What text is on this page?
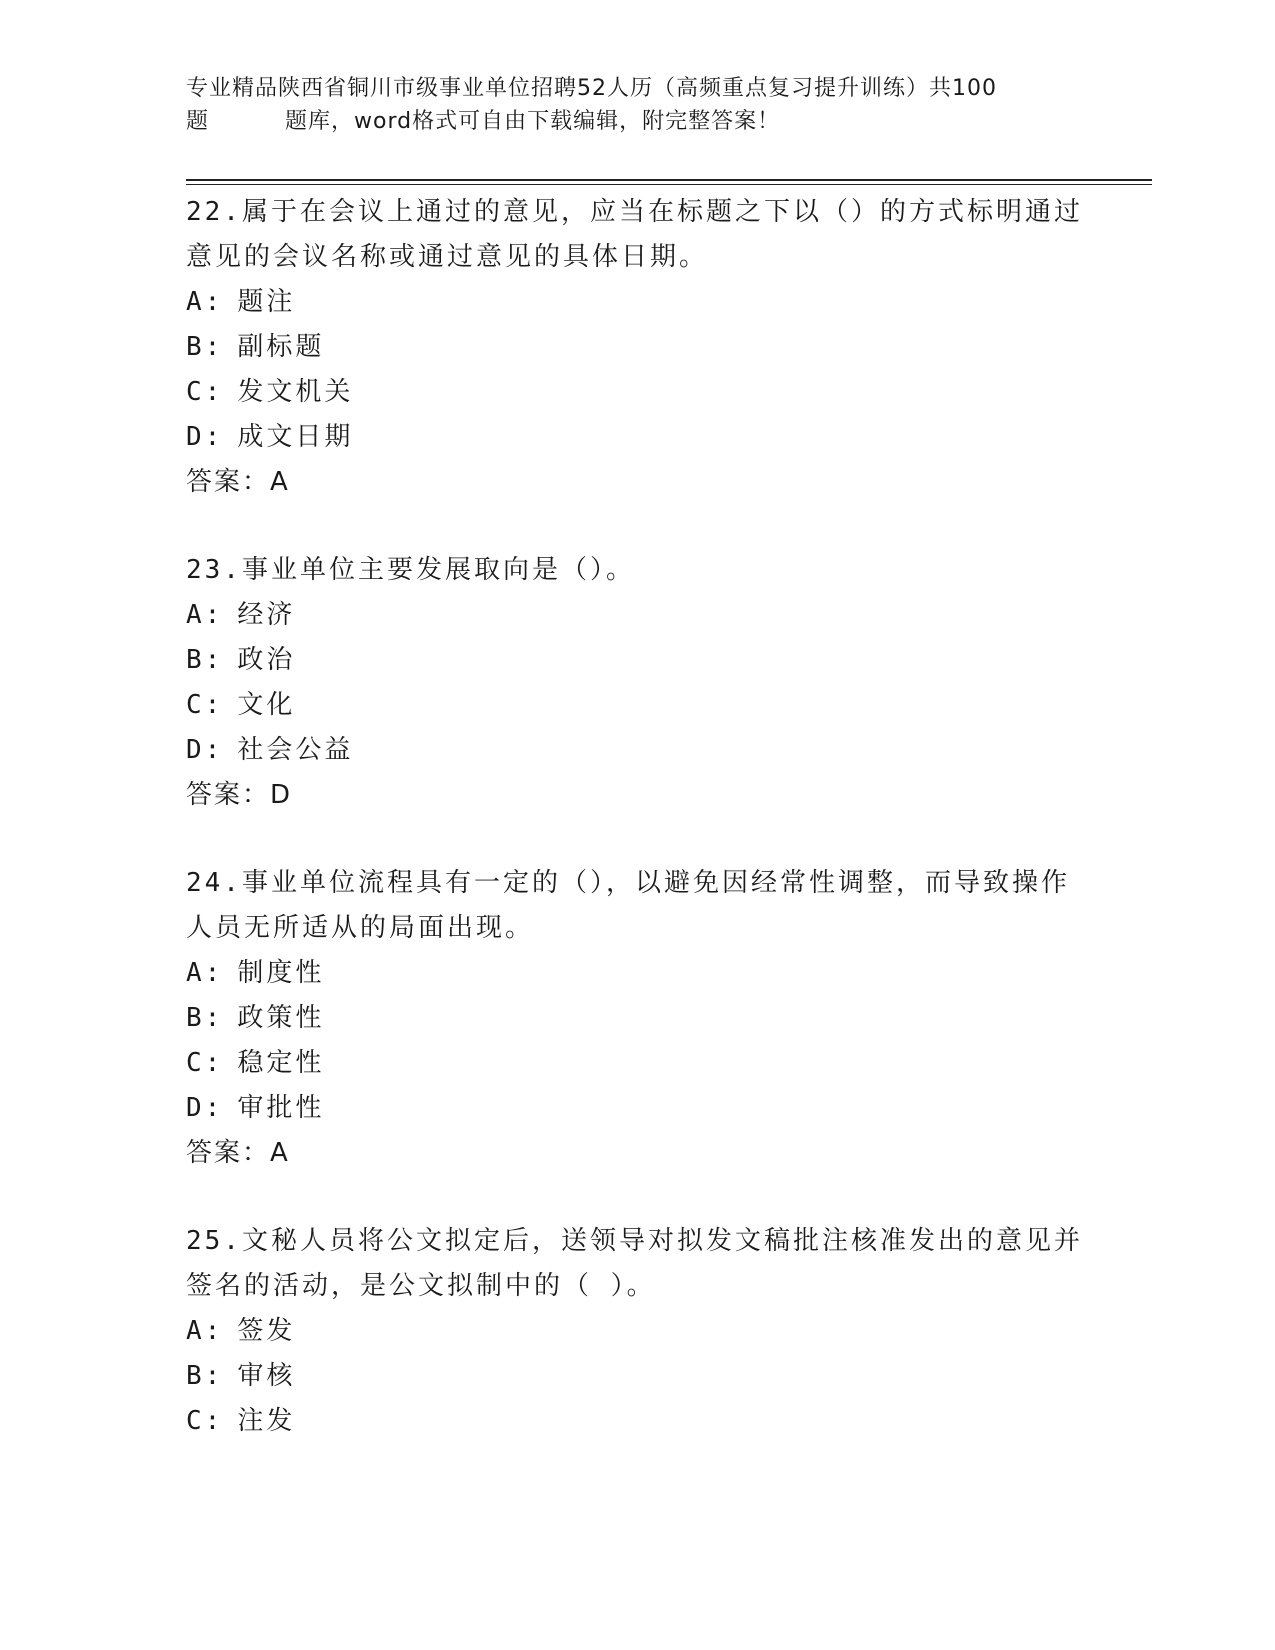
专业精品陕西省铜川市级事业单位招聘52人历（高频重点复习提升训练）共100
题	题库，word格式可自由下载编辑，附完整答案！
22.属于在会议上通过的意见，应当在标题之下以（）的方式标明通过
意见的会议名称或通过意见的具体日期。
A: 题注
B: 副标题
C: 发文机关
D: 成文日期
答案：A
23.事业单位主要发展取向是（）。
A: 经济
B: 政治
C: 文化
D: 社会公益
答案：D
24.事业单位流程具有一定的（），以避免因经常性调整，而导致操作
人员无所适从的局面出现。
A: 制度性
B: 政策性
C: 稳定性
D: 审批性
答案：A
25.文秘人员将公文拟定后，送领导对拟发文稿批注核准发出的意见并
签名的活动，是公文拟制中的（ ）。
A: 签发
B: 审核
C: 注发
